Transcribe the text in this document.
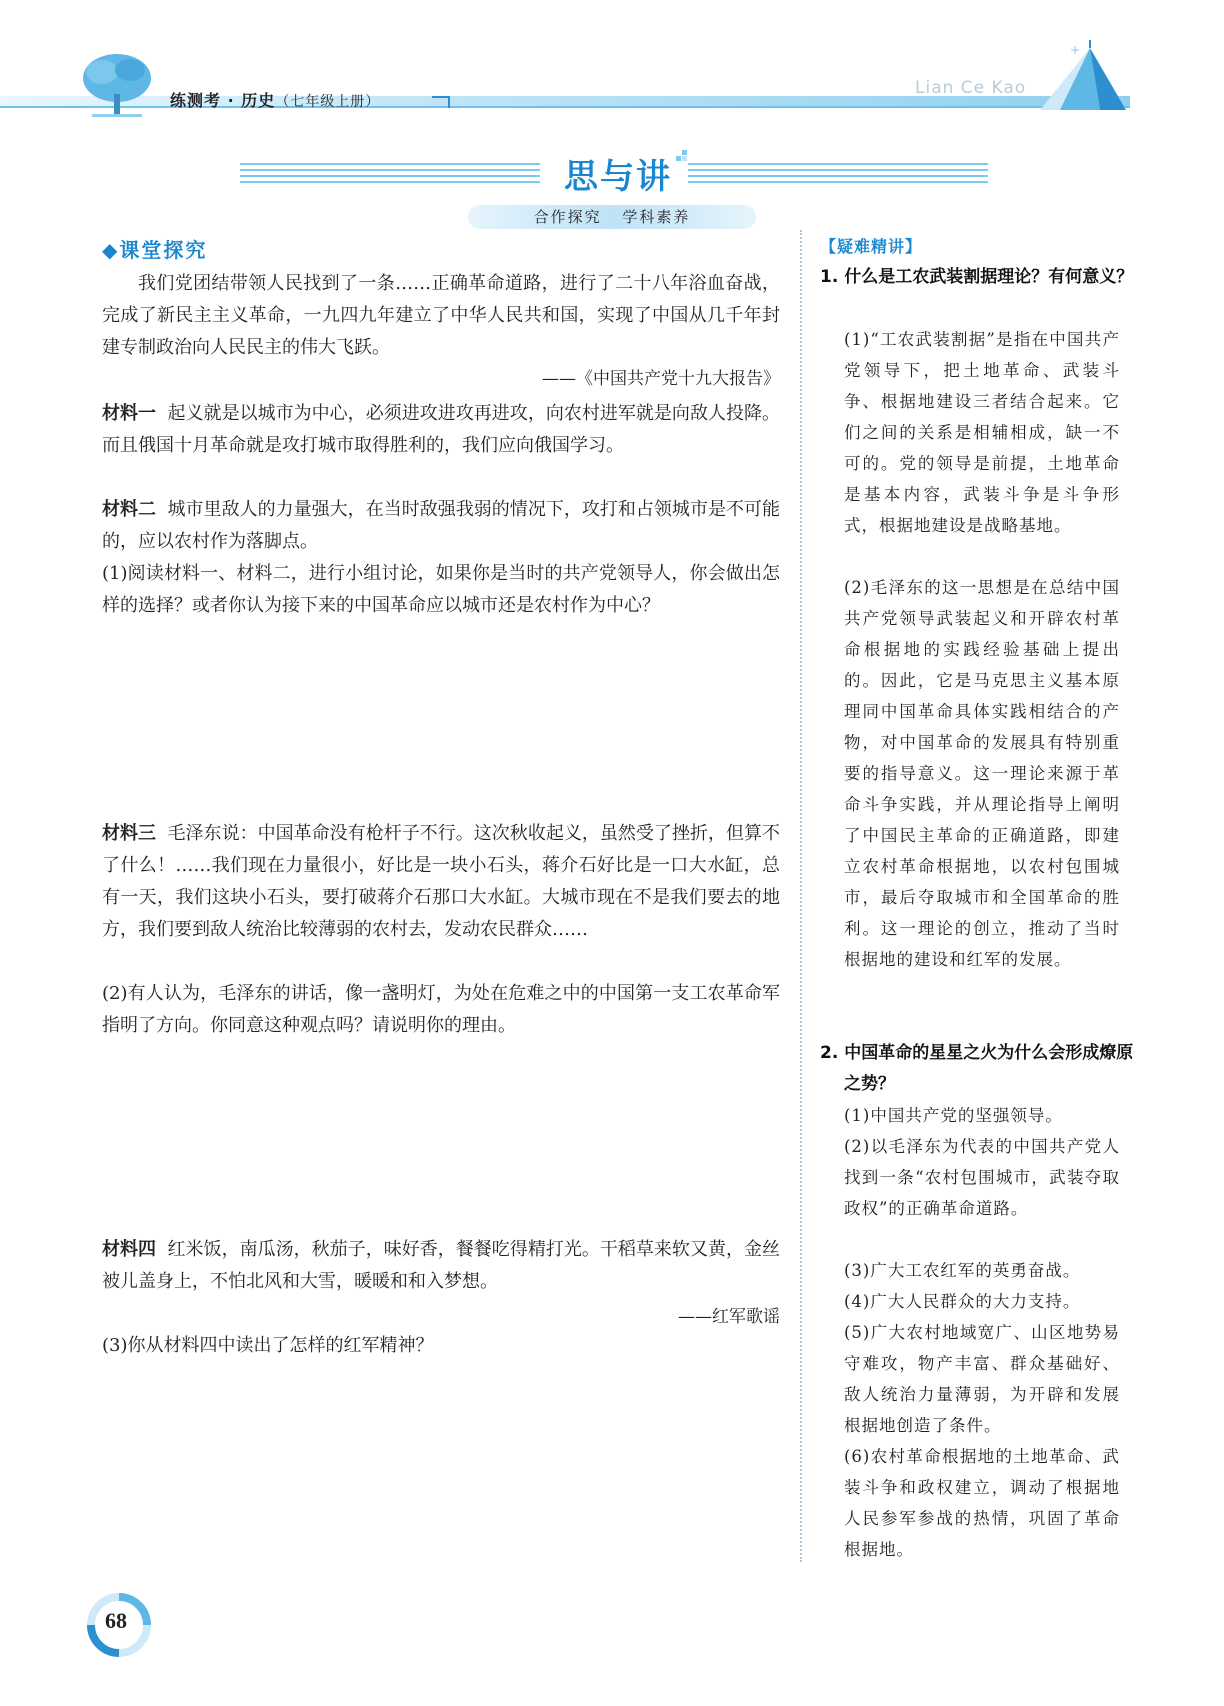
练测考 · 历史（七年级上册）
Lian Ce Kao
+
思与讲
合作探究 学科素养
◆课堂探究
我们党团结带领人民找到了一条……正确革命道路，进行了二十八年浴血奋战，完成了新民主主义革命，一九四九年建立了中华人民共和国，实现了中国从几千年封建专制政治向人民民主的伟大飞跃。
——《中国共产党十九大报告》
材料一 起义就是以城市为中心，必须进攻进攻再进攻，向农村进军就是向敌人投降。而且俄国十月革命就是攻打城市取得胜利的，我们应向俄国学习。
材料二 城市里敌人的力量强大，在当时敌强我弱的情况下，攻打和占领城市是不可能的，应以农村作为落脚点。
(1)阅读材料一、材料二，进行小组讨论，如果你是当时的共产党领导人，你会做出怎样的选择？或者你认为接下来的中国革命应以城市还是农村作为中心？
材料三 毛泽东说：中国革命没有枪杆子不行。这次秋收起义，虽然受了挫折，但算不了什么！……我们现在力量很小，好比是一块小石头，蒋介石好比是一口大水缸，总有一天，我们这块小石头，要打破蒋介石那口大水缸。大城市现在不是我们要去的地方，我们要到敌人统治比较薄弱的农村去，发动农民群众……
(2)有人认为，毛泽东的讲话，像一盏明灯，为处在危难之中的中国第一支工农革命军指明了方向。你同意这种观点吗？请说明你的理由。
材料四 红米饭，南瓜汤，秋茄子，味好香，餐餐吃得精打光。干稻草来软又黄，金丝被儿盖身上，不怕北风和大雪，暖暖和和入梦想。
——红军歌谣
(3)你从材料四中读出了怎样的红军精神？
【疑难精讲】
1. 什么是工农武装割据理论？有何意义？
(1)“工农武装割据”是指在中国共产党领导下，把土地革命、武装斗争、根据地建设三者结合起来。它们之间的关系是相辅相成，缺一不可的。党的领导是前提，土地革命是基本内容，武装斗争是斗争形式，根据地建设是战略基地。
(2)毛泽东的这一思想是在总结中国共产党领导武装起义和开辟农村革命根据地的实践经验基础上提出的。因此，它是马克思主义基本原理同中国革命具体实践相结合的产物，对中国革命的发展具有特别重要的指导意义。这一理论来源于革命斗争实践，并从理论指导上阐明了中国民主革命的正确道路，即建立农村革命根据地，以农村包围城市，最后夺取城市和全国革命的胜利。这一理论的创立，推动了当时根据地的建设和红军的发展。
2. 中国革命的星星之火为什么会形成燎原之势？
(1)中国共产党的坚强领导。
(2)以毛泽东为代表的中国共产党人找到一条“农村包围城市，武装夺取政权”的正确革命道路。
(3)广大工农红军的英勇奋战。
(4)广大人民群众的大力支持。
(5)广大农村地域宽广、山区地势易守难攻，物产丰富、群众基础好、敌人统治力量薄弱，为开辟和发展根据地创造了条件。
(6)农村革命根据地的土地革命、武装斗争和政权建立，调动了根据地人民参军参战的热情，巩固了革命根据地。
68
